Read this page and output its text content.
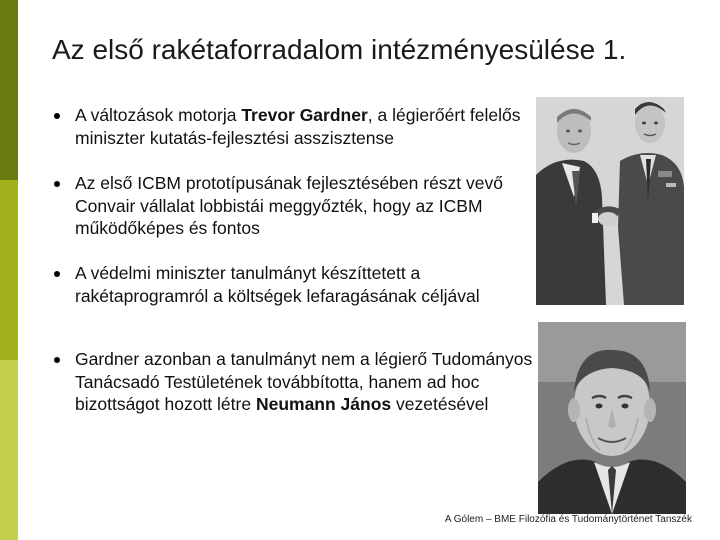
Az első rakétaforradalom intézményesülése 1.
A változások motorja Trevor Gardner, a légierőért felelős miniszter kutatás-fejlesztési asszisztense
Az első ICBM prototípusának fejlesztésében részt vevő Convair vállalat lobbistái meggyőzték, hogy az ICBM működőképes és fontos
A védelmi miniszter tanulmányt készíttetett a rakétaprogramról a költségek lefaragásának céljával
Gardner azonban a tanulmányt nem a légierő Tudományos Tanácsadó Testületének továbbította, hanem ad hoc bizottságot hozott létre Neumann János vezetésével
A Gólem – BME Filozófia és Tudománytörténet Tanszék
